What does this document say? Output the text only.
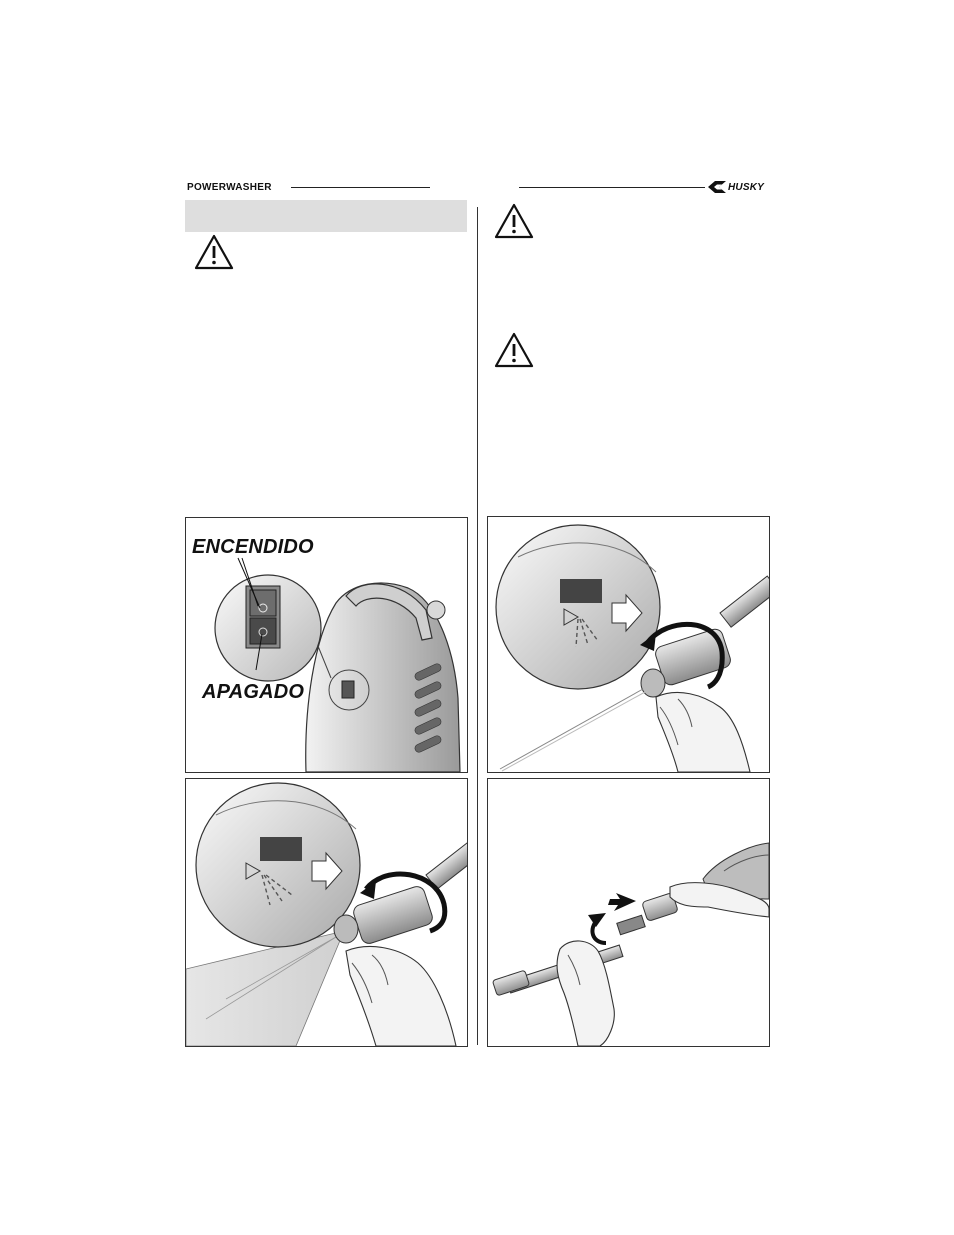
POWERWASHER	HUSKY
ENCENDIDO
APAGADO
